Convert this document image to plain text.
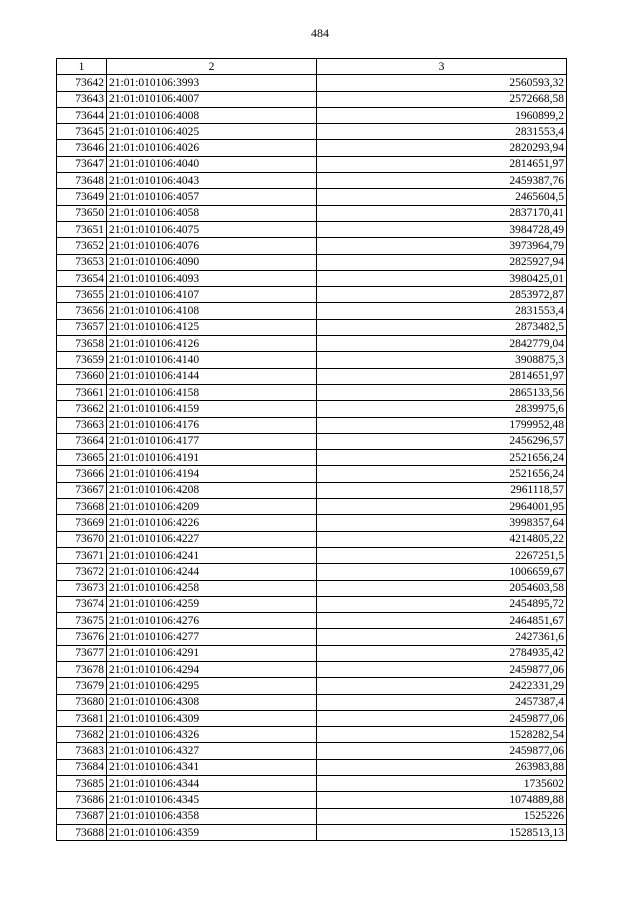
484
1	2	3
73642	21:01:010106:3993	2560593,32
73643	21:01:010106:4007	2572668,58
73644	21:01:010106:4008	1960899,2
73645	21:01:010106:4025	2831553,4
73646	21:01:010106:4026	2820293,94
73647	21:01:010106:4040	2814651,97
73648	21:01:010106:4043	2459387,76
73649	21:01:010106:4057	2465604,5
73650	21:01:010106:4058	2837170,41
73651	21:01:010106:4075	3984728,49
73652	21:01:010106:4076	3973964,79
73653	21:01:010106:4090	2825927,94
73654	21:01:010106:4093	3980425,01
73655	21:01:010106:4107	2853972,87
73656	21:01:010106:4108	2831553,4
73657	21:01:010106:4125	2873482,5
73658	21:01:010106:4126	2842779,04
73659	21:01:010106:4140	3908875,3
73660	21:01:010106:4144	2814651,97
73661	21:01:010106:4158	2865133,56
73662	21:01:010106:4159	2839975,6
73663	21:01:010106:4176	1799952,48
73664	21:01:010106:4177	2456296,57
73665	21:01:010106:4191	2521656,24
73666	21:01:010106:4194	2521656,24
73667	21:01:010106:4208	2961118,57
73668	21:01:010106:4209	2964001,95
73669	21:01:010106:4226	3998357,64
73670	21:01:010106:4227	4214805,22
73671	21:01:010106:4241	2267251,5
73672	21:01:010106:4244	1006659,67
73673	21:01:010106:4258	2054603,58
73674	21:01:010106:4259	2454895,72
73675	21:01:010106:4276	2464851,67
73676	21:01:010106:4277	2427361,6
73677	21:01:010106:4291	2784935,42
73678	21:01:010106:4294	2459877,06
73679	21:01:010106:4295	2422331,29
73680	21:01:010106:4308	2457387,4
73681	21:01:010106:4309	2459877,06
73682	21:01:010106:4326	1528282,54
73683	21:01:010106:4327	2459877,06
73684	21:01:010106:4341	263983,88
73685	21:01:010106:4344	1735602
73686	21:01:010106:4345	1074889,88
73687	21:01:010106:4358	1525226
73688	21:01:010106:4359	1528513,13
